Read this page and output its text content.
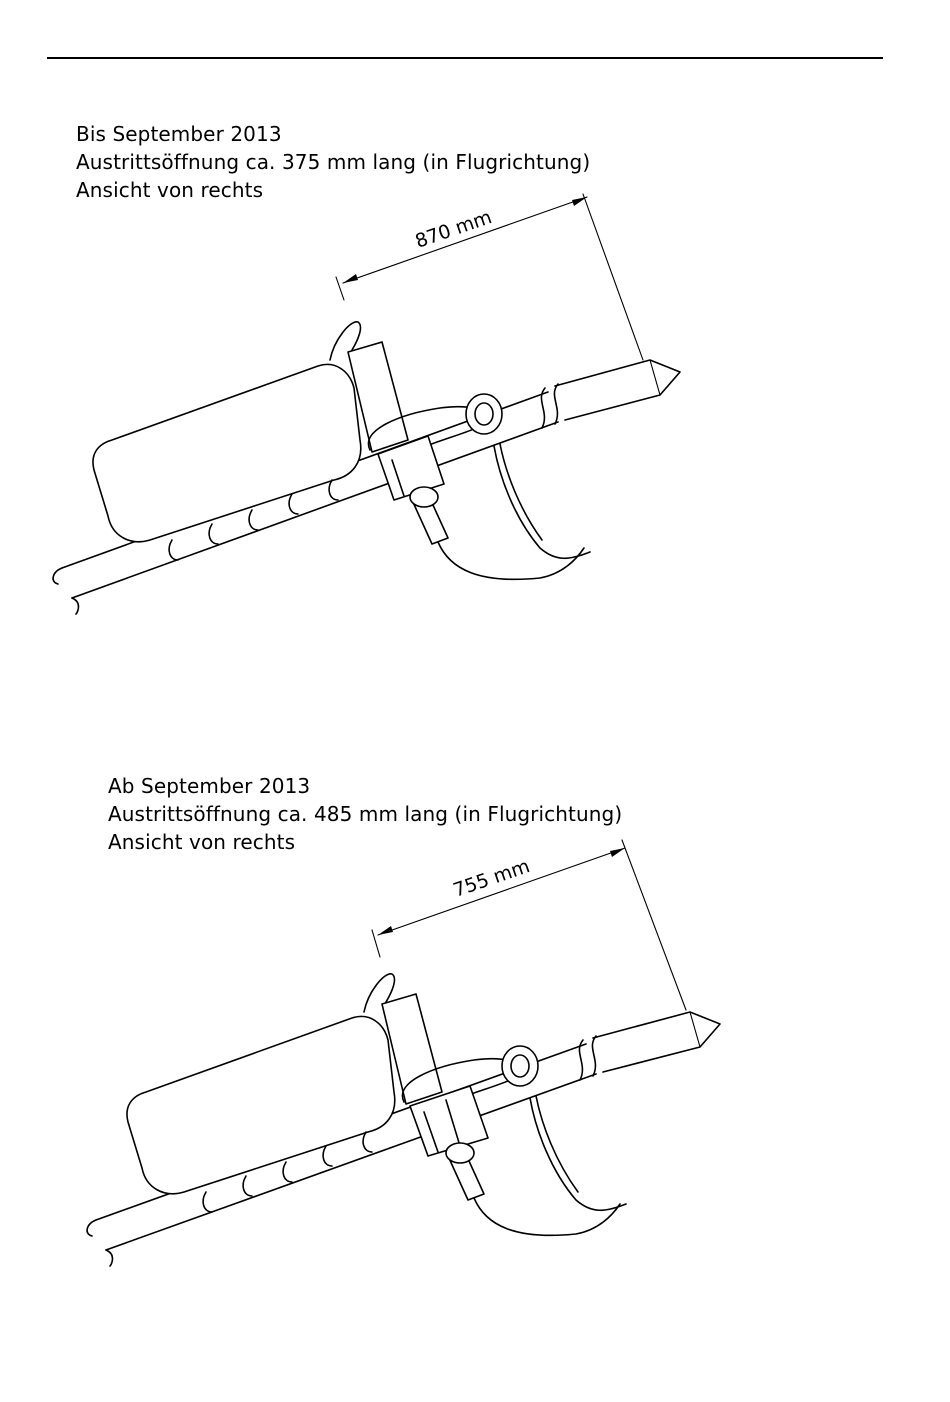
Bis September 2013
Austrittsöffnung ca. 375 mm lang (in Flugrichtung)
Ansicht von rechts
870 mm
Ab September 2013
Austrittsöffnung ca. 485 mm lang (in Flugrichtung)
Ansicht von rechts
755 mm
